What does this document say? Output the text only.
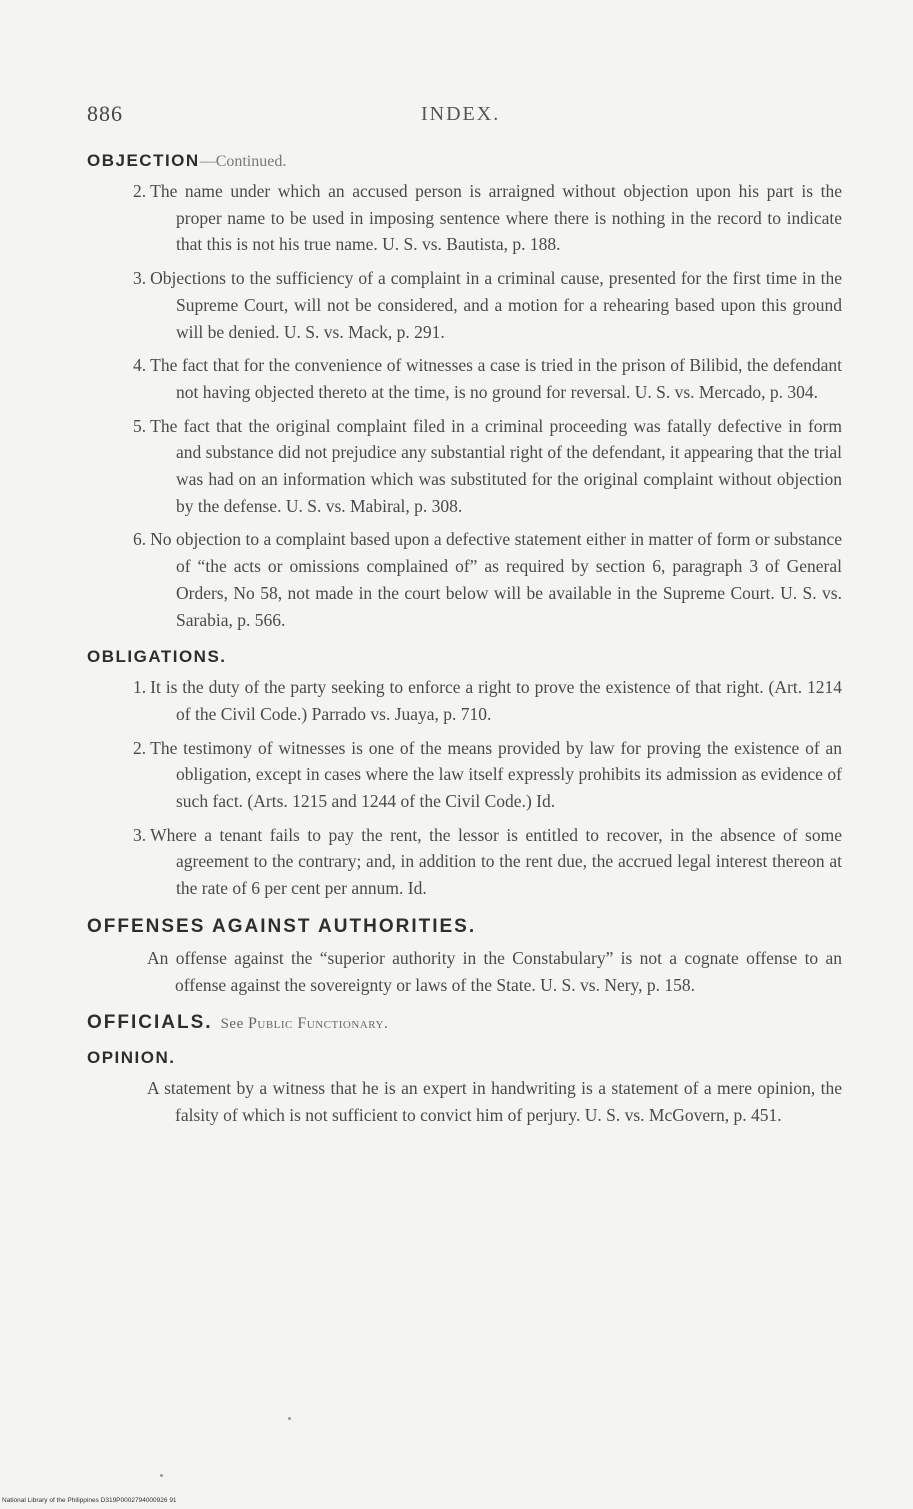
886	INDEX.

OBJECTION—Continued.

2. The name under which an accused person is arraigned without objection upon his part is the proper name to be used in imposing sentence where there is nothing in the record to indicate that this is not his true name. U. S. vs. Bautista, p. 188.

3. Objections to the sufficiency of a complaint in a criminal cause, presented for the first time in the Supreme Court, will not be considered, and a motion for a rehearing based upon this ground will be denied. U. S. vs. Mack, p. 291.

4. The fact that for the convenience of witnesses a case is tried in the prison of Bilibid, the defendant not having objected thereto at the time, is no ground for reversal. U. S. vs. Mercado, p. 304.

5. The fact that the original complaint filed in a criminal proceeding was fatally defective in form and substance did not prejudice any substantial right of the defendant, it appearing that the trial was had on an information which was substituted for the original complaint without objection by the defense. U. S. vs. Mabiral, p. 308.

6. No objection to a complaint based upon a defective statement either in matter of form or substance of “the acts or omissions complained of” as required by section 6, paragraph 3 of General Orders, No 58, not made in the court below will be available in the Supreme Court. U. S. vs. Sarabia, p. 566.

OBLIGATIONS.

1. It is the duty of the party seeking to enforce a right to prove the existence of that right. (Art. 1214 of the Civil Code.) Parrado vs. Juaya, p. 710.

2. The testimony of witnesses is one of the means provided by law for proving the existence of an obligation, except in cases where the law itself expressly prohibits its admission as evidence of such fact. (Arts. 1215 and 1244 of the Civil Code.) Id.

3. Where a tenant fails to pay the rent, the lessor is entitled to recover, in the absence of some agreement to the contrary; and, in addition to the rent due, the accrued legal interest thereon at the rate of 6 per cent per annum. Id.

OFFENSES AGAINST AUTHORITIES.

An offense against the “superior authority in the Constabulary” is not a cognate offense to an offense against the sovereignty or laws of the State. U. S. vs. Nery, p. 158.

OFFICIALS. See Public Functionary.

OPINION.

A statement by a witness that he is an expert in handwriting is a statement of a mere opinion, the falsity of which is not sufficient to convict him of perjury. U. S. vs. McGovern, p. 451.

National Library of the Philippines D319P0002794000926 91
